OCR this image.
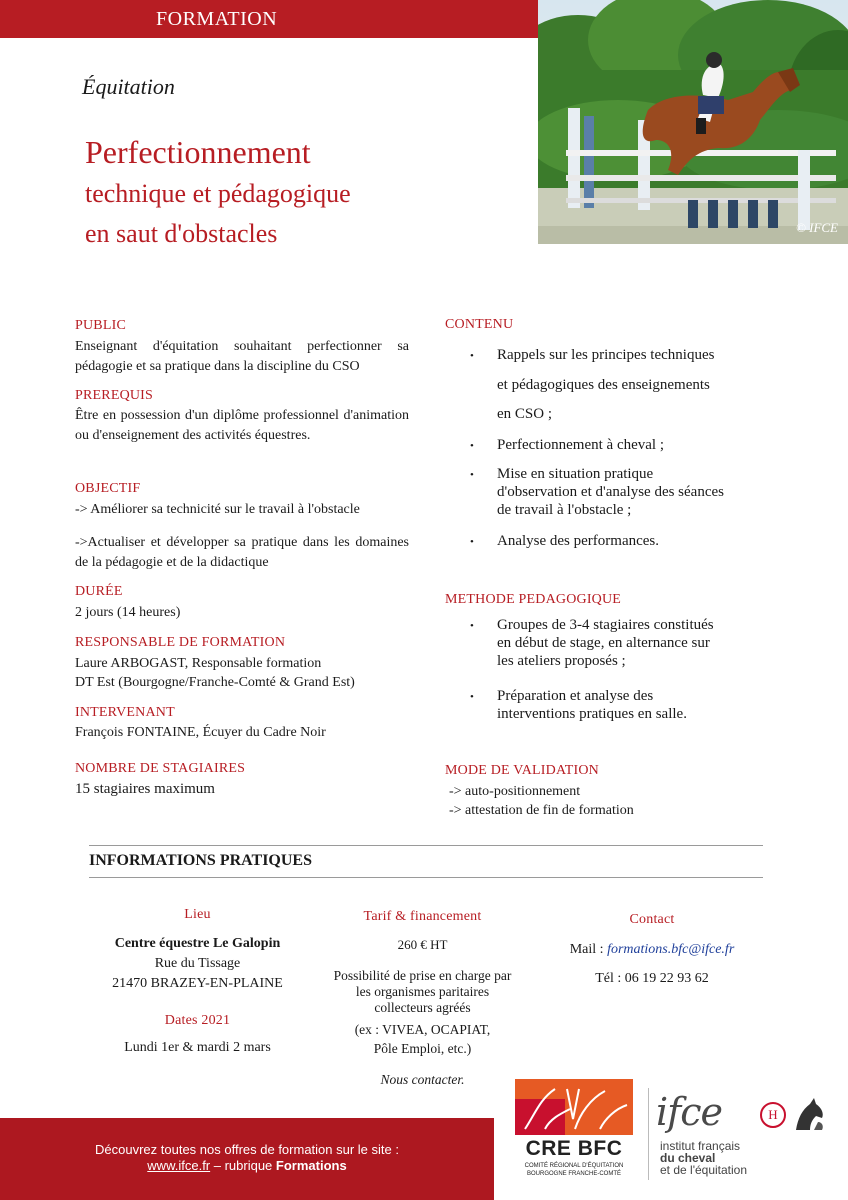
FORMATION
© IFCE
Équitation
Perfectionnement
technique et pédagogique
en saut d'obstacles
PUBLIC
Enseignant d'équitation souhaitant perfectionner sa pédagogie et sa pratique dans la discipline du CSO
PREREQUIS
Être en possession d'un diplôme professionnel d'animation ou d'enseignement des activités équestres.
OBJECTIF
-> Améliorer sa technicité sur le travail à l'obstacle
->Actualiser et développer sa pratique dans les domaines de la pédagogie et de la didactique
DURÉE
2 jours (14 heures)
RESPONSABLE DE FORMATION
Laure ARBOGAST, Responsable formation
DT Est (Bourgogne/Franche-Comté & Grand Est)
INTERVENANT
François FONTAINE, Écuyer du Cadre Noir
NOMBRE DE STAGIAIRES
15 stagiaires maximum
CONTENU
• Rappels sur les principes techniques
et pédagogiques des enseignements
en CSO ;
• Perfectionnement à cheval ;
• Mise en situation pratique
d'observation et d'analyse des séances
de travail à l'obstacle ;
• Analyse des performances.
METHODE PEDAGOGIQUE
• Groupes de 3-4 stagiaires constitués
en début de stage, en alternance sur
les ateliers proposés ;
• Préparation et analyse des
interventions pratiques en salle.
MODE DE VALIDATION
-> auto-positionnement
-> attestation de fin de formation
INFORMATIONS PRATIQUES
Lieu
Centre équestre Le Galopin
Rue du Tissage
21470 BRAZEY-EN-PLAINE
Dates 2021
Lundi 1er & mardi 2 mars
Tarif & financement
260 € HT
Possibilité de prise en charge par
les organismes paritaires
collecteurs agréés
(ex : VIVEA, OCAPIAT,
Pôle Emploi, etc.)
Nous contacter.
Contact
Mail : formations.bfc@ifce.fr
Tél : 06 19 22 93 62
Découvrez toutes nos offres de formation sur le site :
www.ifce.fr – rubrique Formations
CRE BFC
COMITÉ RÉGIONAL D'ÉQUITATION
BOURGOGNE FRANCHE-COMTÉ
ifce	H
institut français
du cheval
et de l'équitation
